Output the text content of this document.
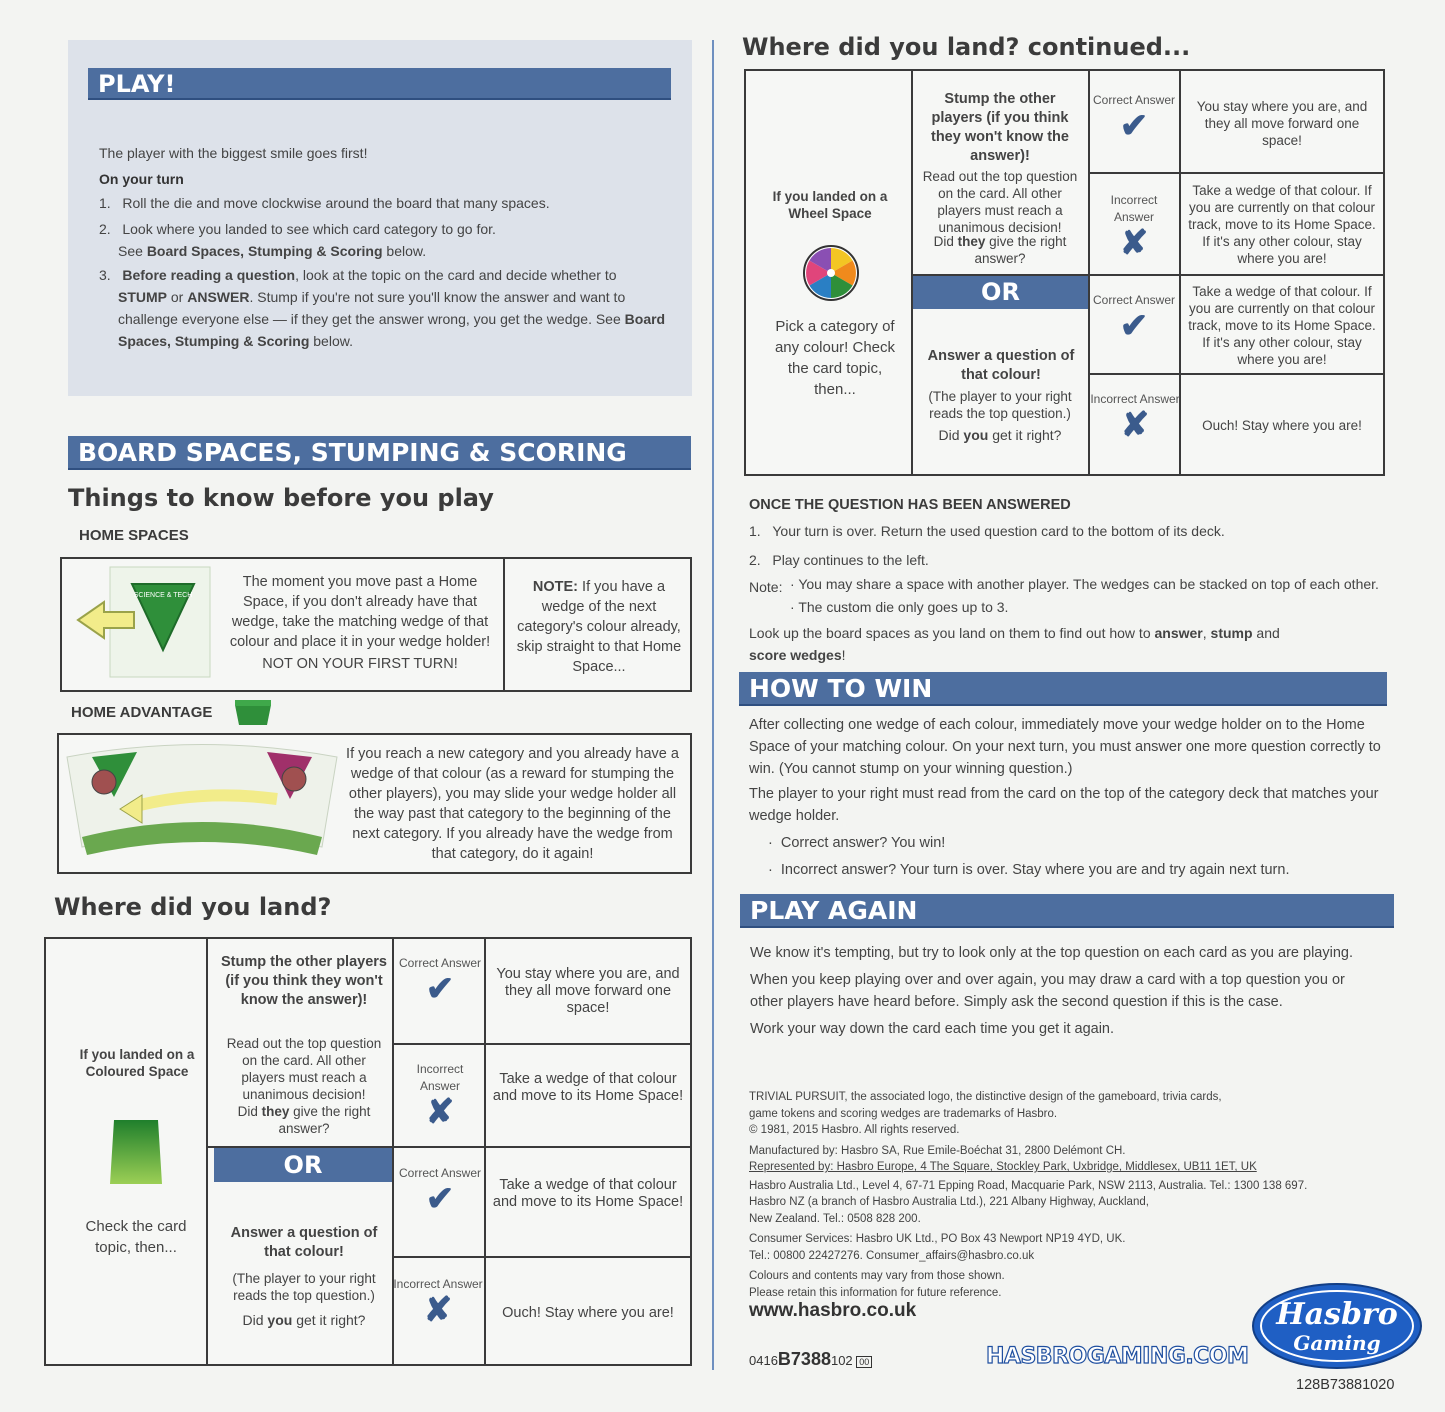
PLAY!
The player with the biggest smile goes first!
On your turn
1. Roll the die and move clockwise around the board that many spaces.
2. Look where you landed to see which card category to go for.
See Board Spaces, Stumping & Scoring below.
3. Before reading a question, look at the topic on the card and decide whether to
STUMP or ANSWER. Stump if you're not sure you'll know the answer and want to
challenge everyone else — if they get the answer wrong, you get the wedge. See Board
Spaces, Stumping & Scoring below.
BOARD SPACES, STUMPING & SCORING
Things to know before you play
HOME SPACES
SCIENCE & TECH
The moment you move past a Home Space, if you don't already have that wedge, take the matching wedge of that colour and place it in your wedge holder!
NOT ON YOUR FIRST TURN!
NOTE: If you have a wedge of the next category's colour already, skip straight to that Home Space...
HOME ADVANTAGE
If you reach a new category and you already have a wedge of that colour (as a reward for stumping the other players), you may slide your wedge holder all the way past that category to the beginning of the next category. If you already have the wedge from that category, do it again!
Where did you land?
If you landed on a Coloured Space
Check the card topic, then...
Stump the other players (if you think they won't know the answer)!
Read out the top question on the card. All other players must reach a unanimous decision!
Did they give the right answer?
OR
Answer a question of that colour!
(The player to your right reads the top question.)
Did you get it right?
Correct Answer
✔
Incorrect Answer
✘
Correct Answer
✔
Incorrect Answer
✘
You stay where you are, and they all move forward one space!
Take a wedge of that colour and move to its Home Space!
Take a wedge of that colour and move to its Home Space!
Ouch! Stay where you are!
Where did you land? continued...
If you landed on a Wheel Space
Pick a category of any colour! Check the card topic, then...
Stump the other players (if you think they won't know the answer)!
Read out the top question on the card. All other players must reach a unanimous decision!
Did they give the right answer?
OR
Answer a question of that colour!
(The player to your right reads the top question.)
Did you get it right?
Correct Answer
✔
Incorrect Answer
✘
Correct Answer
✔
Incorrect Answer
✘
You stay where you are, and they all move forward one space!
Take a wedge of that colour. If you are currently on that colour track, move to its Home Space. If it's any other colour, stay where you are!
Take a wedge of that colour. If you are currently on that colour track, move to its Home Space. If it's any other colour, stay where you are!
Ouch! Stay where you are!
ONCE THE QUESTION HAS BEEN ANSWERED
1. Your turn is over. Return the used question card to the bottom of its deck.
2. Play continues to the left.
Note: · You may share a space with another player. The wedges can be stacked on top of each other.
· The custom die only goes up to 3.
Look up the board spaces as you land on them to find out how to answer, stump and
score wedges!
HOW TO WIN
After collecting one wedge of each colour, immediately move your wedge holder on to the Home Space of your matching colour. On your next turn, you must answer one more question correctly to win. (You cannot stump on your winning question.)
The player to your right must read from the card on the top of the category deck that matches your wedge holder.
·  Correct answer? You win!
·  Incorrect answer? Your turn is over. Stay where you are and try again next turn.
PLAY AGAIN
We know it's tempting, but try to look only at the top question on each card as you are playing.
When you keep playing over and over again, you may draw a card with a top question you or other players have heard before. Simply ask the second question if this is the case.
Work your way down the card each time you get it again.
TRIVIAL PURSUIT, the associated logo, the distinctive design of the gameboard, trivia cards,
game tokens and scoring wedges are trademarks of Hasbro.
© 1981, 2015 Hasbro. All rights reserved.
Manufactured by: Hasbro SA, Rue Emile-Boéchat 31, 2800 Delémont CH.
Represented by: Hasbro Europe, 4 The Square, Stockley Park, Uxbridge, Middlesex, UB11 1ET, UK
Hasbro Australia Ltd., Level 4, 67-71 Epping Road, Macquarie Park, NSW 2113, Australia. Tel.: 1300 138 697.
Hasbro NZ (a branch of Hasbro Australia Ltd.), 221 Albany Highway, Auckland,
New Zealand. Tel.: 0508 828 200.
Consumer Services: Hasbro UK Ltd., PO Box 43 Newport NP19 4YD, UK.
Tel.: 00800 22427276. Consumer_affairs@hasbro.co.uk
Colours and contents may vary from those shown.
Please retain this information for future reference.
www.hasbro.co.uk
0416B7388102 00	HASBROGAMING.COM
Hasbro
Gaming
128B73881020
